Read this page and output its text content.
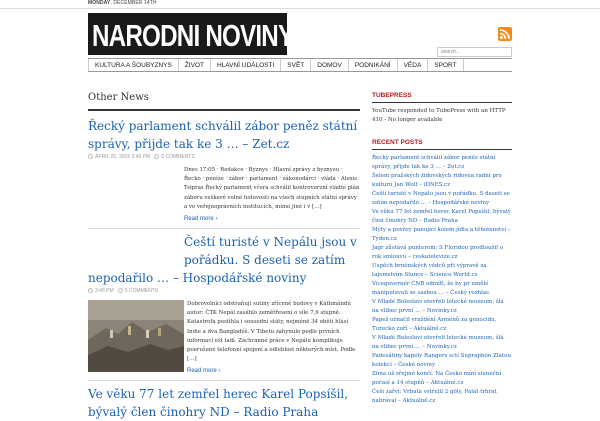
MONDAY, DECEMBER 14TH
NARODNI NOVINY	search...
KULTURA A ŠOUBYZNYS	ŽIVOT	HLAVNÍ UDÁLOSTI	SVĚT	DOMOV	PODNIKÁNÍ	VĚDA	SPORT
Other News
Řecký parlament schválil zábor peněz státní správy, přijde tak ke 3 … – Zet.cz
APRIL 25, 2015 3:46 PM 0 COMMENTS
Dnes 17:05 · Redakce · Byznys · Hlavní zprávy z byznysu · Řecko · peníze · zábor · parlament · zákonodárci · vláda · Alexis Tsipras Řecký parlament včera schválil kontroverzní vládní plán záboru veškeré volné hotovosti na všech stupních státní správy a ve veřejnoprávních institucích, mimo jiné i v […]
Read more ›
Čeští turisté v Nepálu jsou v pořádku. S deseti se zatím nepodařilo … – Hospodářské noviny
3:46 PM 0 COMMENTS
Dobrovolníci odstraňují sutiny zřícené budovy v Káthmándú autor: ČTK Nepál zasáhlo zemětřesení o síle 7,9 stupně. Katastrofa postihla i sousední státy, nejméně 34 obětí hlásí Indie a dva Bangladéš. V Tibetu zahynulo podle prvních informací ešt ladí. Záchranné práce v Nepálu komplikuje poerušené telefonní spojení a odlehlost některých míst. Podle […]
Read more ›
Ve věku 77 let zemřel herec Karel Popsíšil, bývalý člen činohry ND – Radio Praha
TUBEPRESS
YouTube responded to TubePress with an HTTP 410 - No longer available
RECENT POSTS
Řecký parlament schválil zábor peněz státní správy, přijde tak ke 3 … – Zet.cz
Šelem pražských židovských ridovoa radní pro kulturu Jan Wolf – iDNES.cz
Čeští turisté v Nepálu jsou v pořádku. S deseti se zatím nepodařilo … – Hospodářské noviny
Ve věku 77 let zemřel herec Karel Popsíšil, bývalý člen činohry ND – Radio Praha
Mýty a pověry panující kolem jídla a těhotenství – Týden.cz
Jagr zůstává punterem: S Floridou prodloužil o rok smlouvu – ceskatelevize.cz
Úspěch brněnských vědců při výpravě za tajemstvím Slunce – Science World.cz
Viceguvernér ČNB odmítl, že by pr umělé manipulovali se sazbou … – Český rozhlas
V Mladé Boleslavi otevřeli letecké muzeum, šlá na vlibec první … – Novinky.cz
Papež označil vraždění Arménů za genocidu, Turecko zuří – Aktuálně.cz
V Mladé Boleslavi otevřeli letecké muzeum, šlá na vlibec první … – Novinky.cz
Padesátiny kapely Rangers sctí Supraphon Zlatou kolekcí – České noviny
Zima už zřejmě končí. Na Česko míní sluneční počasí a 14 stupňů – Aktuálně.cz
Češi zařvi: Vrbata vstřelil 2 góly, Palát trhrát nahrával – Aktuálně.cz
